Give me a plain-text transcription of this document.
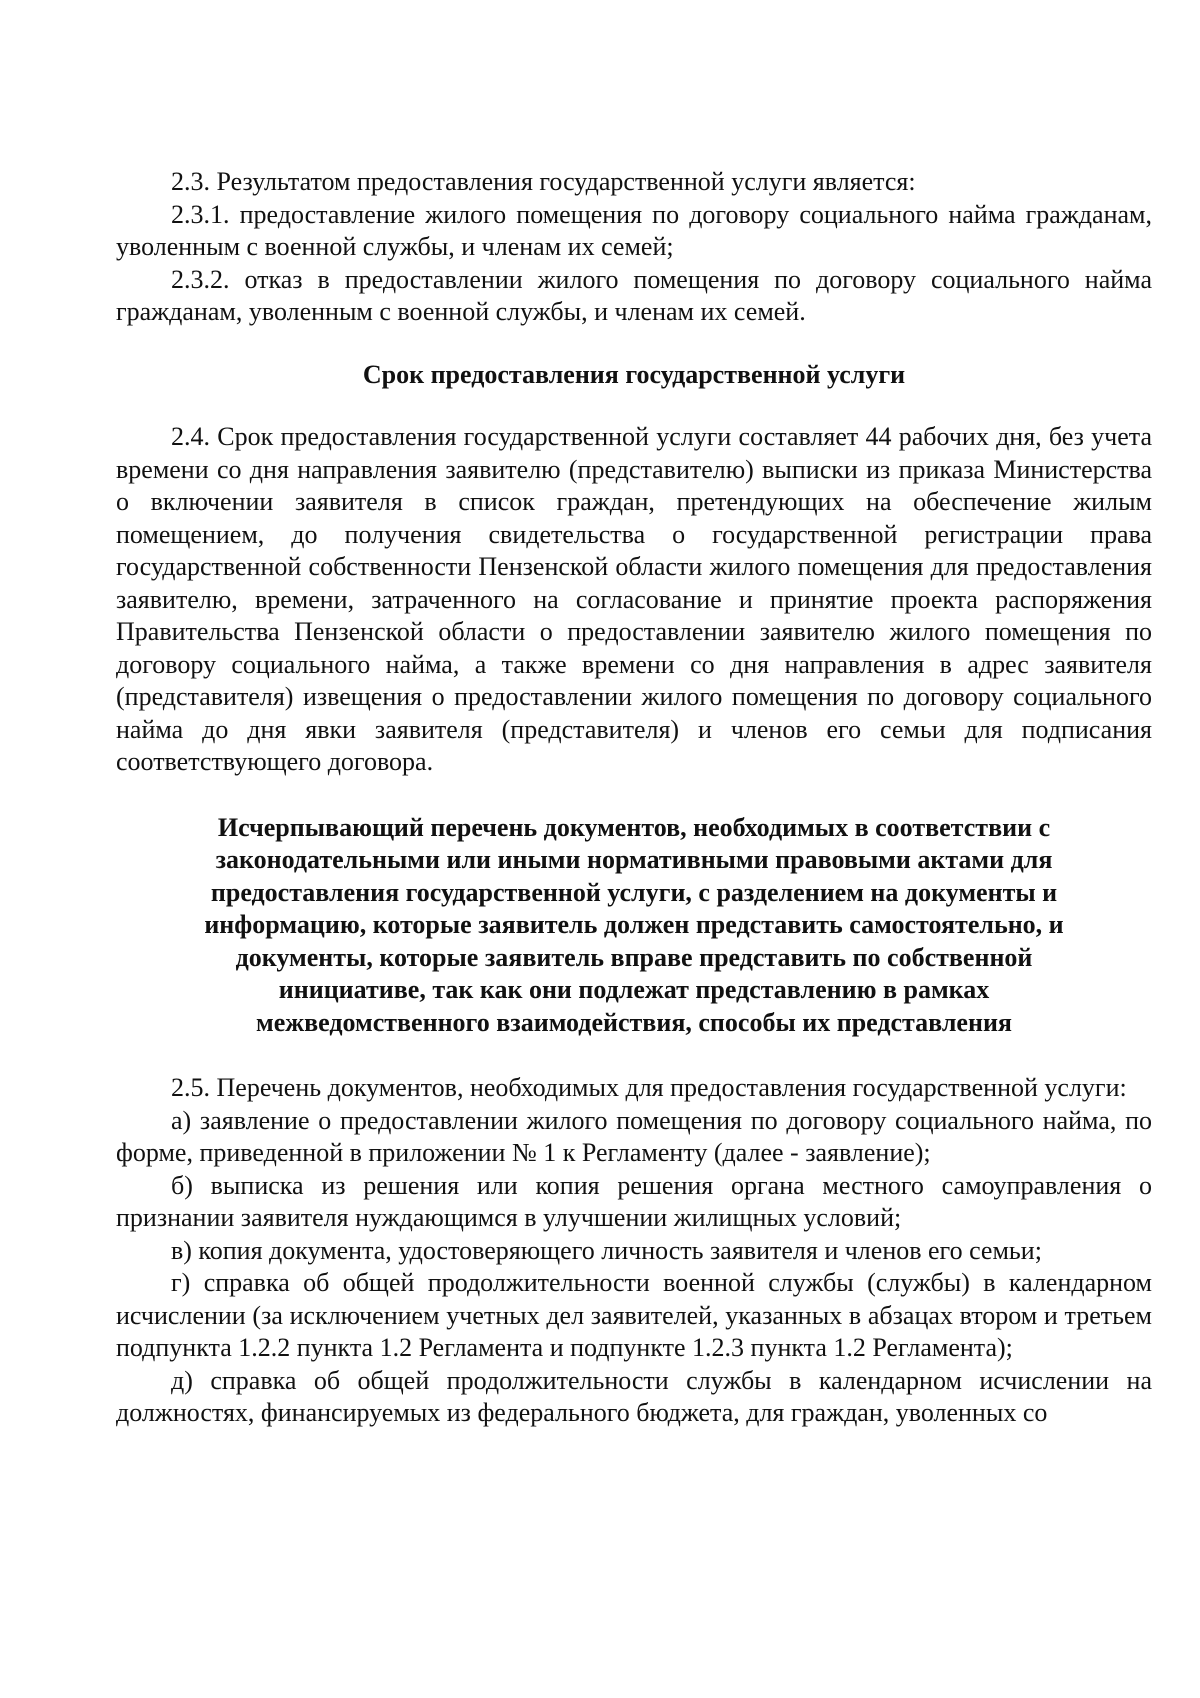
2.3. Результатом предоставления государственной услуги является:

2.3.1. предоставление жилого помещения по договору социального найма гражданам, уволенным с военной службы, и членам их семей;

2.3.2. отказ в предоставлении жилого помещения по договору социального найма гражданам, уволенным с военной службы, и членам их семей.

Срок предоставления государственной услуги

2.4. Срок предоставления государственной услуги составляет 44 рабочих дня, без учета времени со дня направления заявителю (представителю) выписки из приказа Министерства о включении заявителя в список граждан, претендующих на обеспечение жилым помещением, до получения свидетельства о государственной регистрации права государственной собственности Пензенской области жилого помещения для предоставления заявителю, времени, затраченного на согласование и принятие проекта распоряжения Правительства Пензенской области о предоставлении заявителю жилого помещения по договору социального найма, а также времени со дня направления в адрес заявителя (представителя) извещения о предоставлении жилого помещения по договору социального найма до дня явки заявителя (представителя) и членов его семьи для подписания соответствующего договора.

Исчерпывающий перечень документов, необходимых в соответствии с
законодательными или иными нормативными правовыми актами для
предоставления государственной услуги, с разделением на документы и
информацию, которые заявитель должен представить самостоятельно, и
документы, которые заявитель вправе представить по собственной
инициативе, так как они подлежат представлению в рамках
межведомственного взаимодействия, способы их представления

2.5. Перечень документов, необходимых для предоставления государственной услуги:

а) заявление о предоставлении жилого помещения по договору социального найма, по форме, приведенной в приложении № 1 к Регламенту (далее - заявление);

б) выписка из решения или копия решения органа местного самоуправления о признании заявителя нуждающимся в улучшении жилищных условий;

в) копия документа, удостоверяющего личность заявителя и членов его семьи;

г) справка об общей продолжительности военной службы (службы) в календарном исчислении (за исключением учетных дел заявителей, указанных в абзацах втором и третьем подпункта 1.2.2 пункта 1.2 Регламента и подпункте 1.2.3 пункта 1.2 Регламента);

д) справка об общей продолжительности службы в календарном исчислении на должностях, финансируемых из федерального бюджета, для граждан, уволенных со
